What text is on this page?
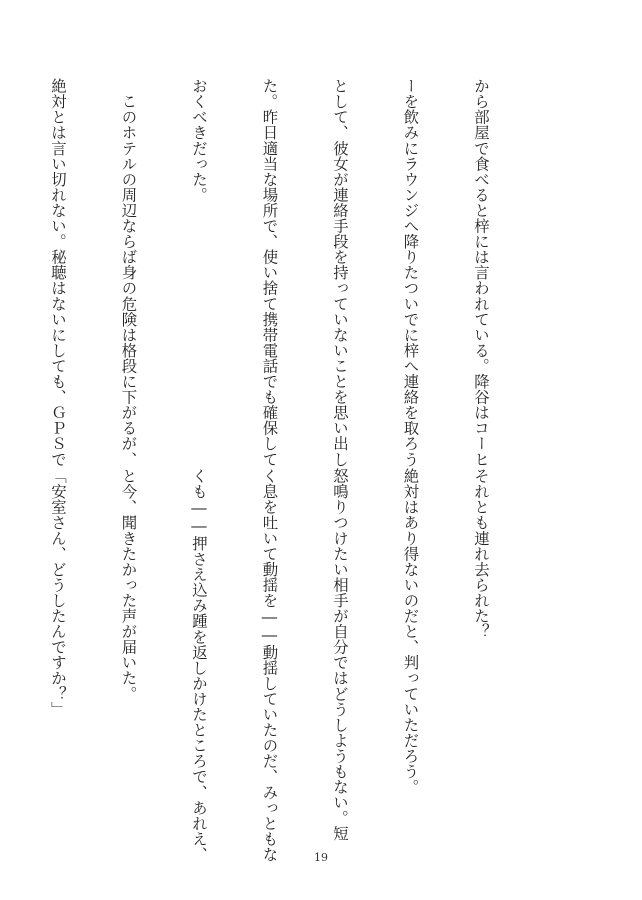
から部屋で食べると梓には言われている。降谷はコーヒ

ーを飲みにラウンジへ降りたついでに梓へ連絡を取ろう

として、彼女が連絡手段を持っていないことを思い出し

た。昨日適当な場所で、使い捨て携帯電話でも確保して

おくべきだった。

　このホテルの周辺ならば身の危険は格段に下がるが、

絶対とは言い切れない。秘聴はないにしても、ＧＰＳで

それとも連れ去られた？

絶対はあり得ないのだと、判っていただろう。

怒鳴りつけたい相手が自分ではどうしようもない。短

く息を吐いて動揺を――動揺していたのだ、みっともな

くも――押さえ込み踵を返しかけたところで、あれえ、

と今、聞きたかった声が届いた。

「安室さん、どうしたんですか？」

19
